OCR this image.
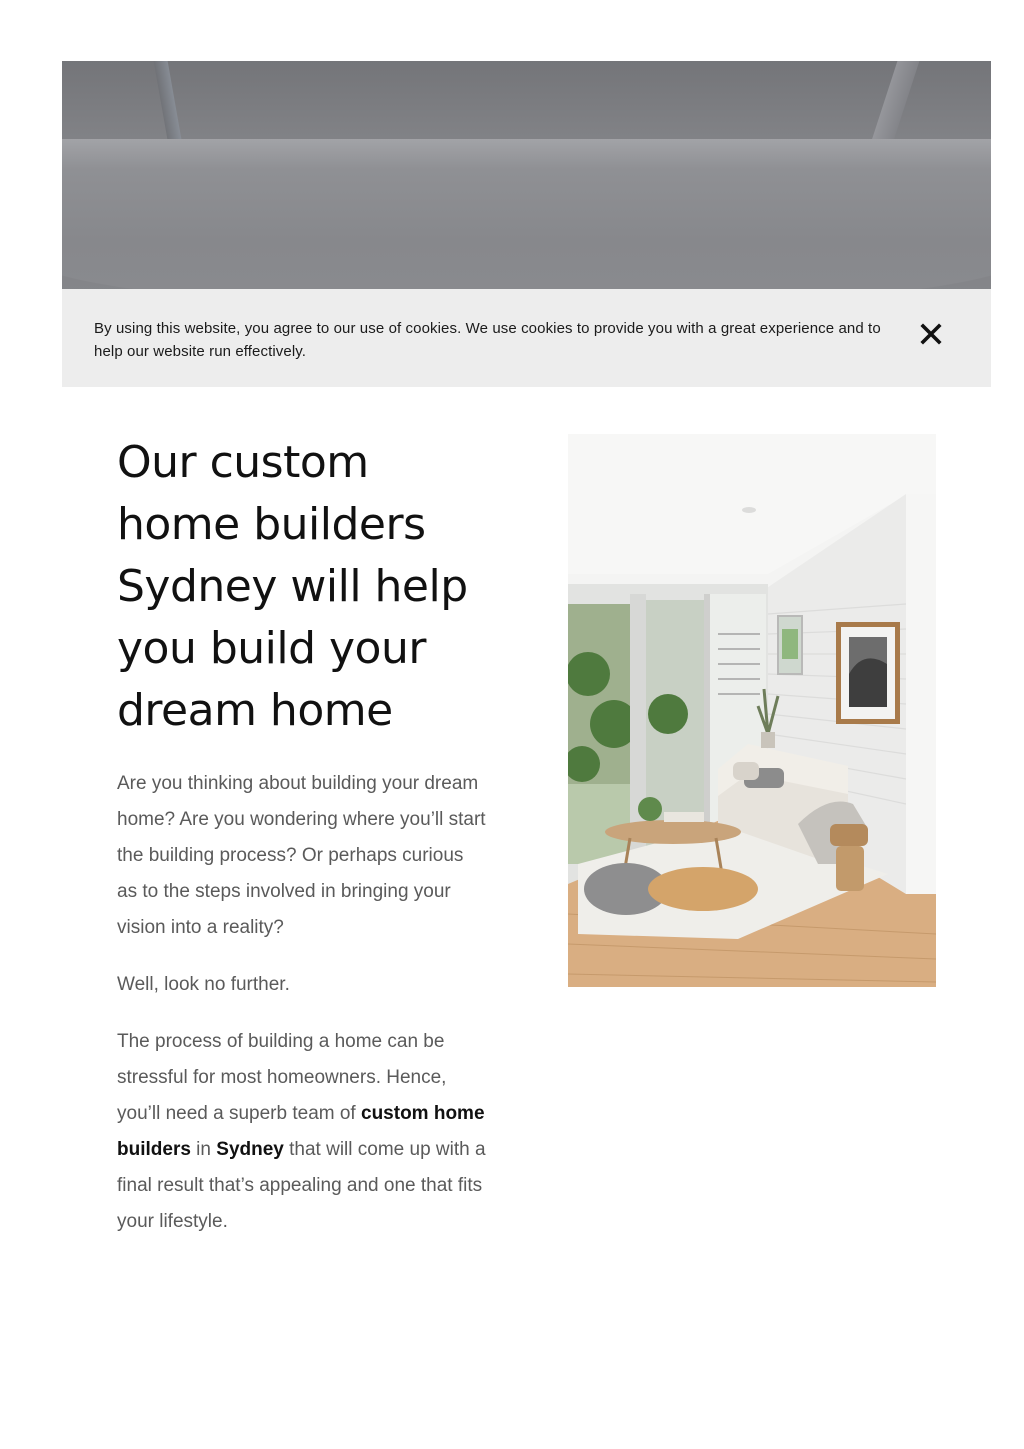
By using this website, you agree to our use of cookies. We use cookies to provide you with a great experience and to help our website run effectively.

Our custom home builders Sydney will help you build your dream home

Are you thinking about building your dream home? Are you wondering where you’ll start the building process? Or perhaps curious as to the steps involved in bringing your vision into a reality?

Well, look no further.

The process of building a home can be stressful for most homeowners. Hence, you’ll need a superb team of custom home builders in Sydney that will come up with a final result that’s appealing and one that fits your lifestyle.
